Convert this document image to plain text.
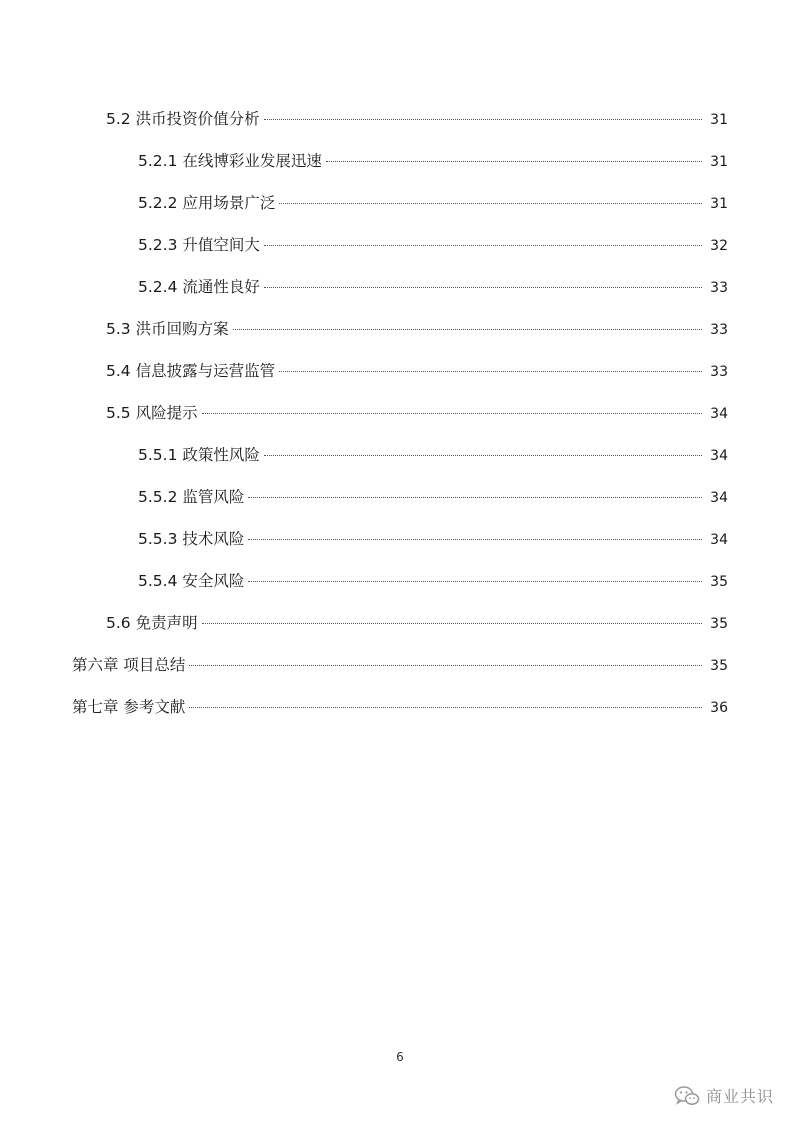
5.2 洪币投资价值分析	31
5.2.1 在线博彩业发展迅速	31
5.2.2 应用场景广泛	31
5.2.3 升值空间大	32
5.2.4 流通性良好	33
5.3 洪币回购方案	33
5.4 信息披露与运营监管	33
5.5 风险提示	34
5.5.1 政策性风险	34
5.5.2 监管风险	34
5.5.3 技术风险	34
5.5.4 安全风险	35
5.6 免责声明	35
第六章 项目总结	35
第七章 参考文献	36
6
商业共识
